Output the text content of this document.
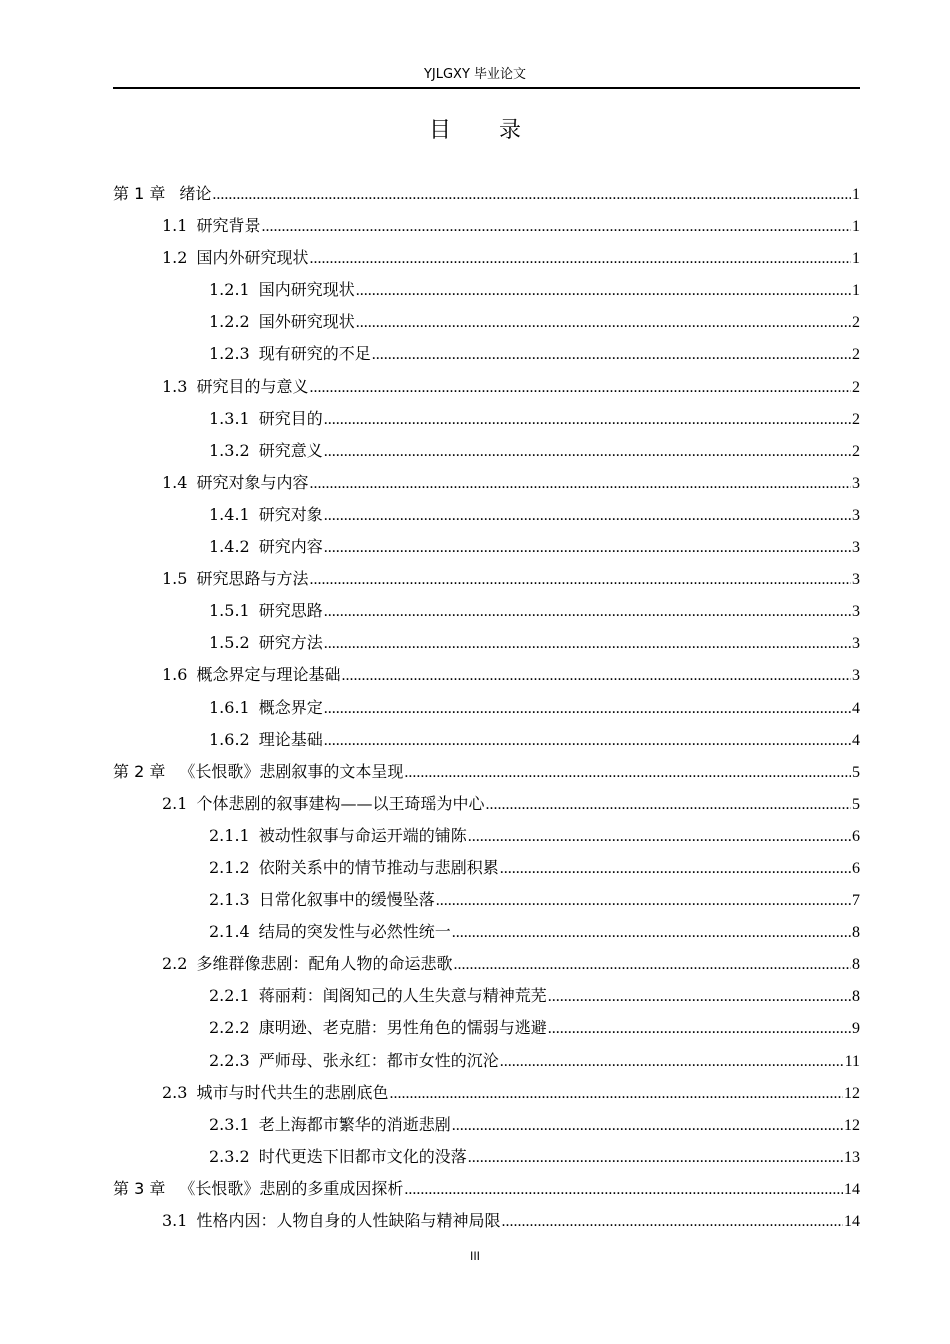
YJLGXY 毕业论文
目录
第 1 章 绪论 .....	1
1.1 研究背景 .....	1
1.2 国内外研究现状 .....	1
1.2.1 国内研究现状 .....	1
1.2.2 国外研究现状 .....	2
1.2.3 现有研究的不足 .....	2
1.3 研究目的与意义 .....	2
1.3.1 研究目的 .....	2
1.3.2 研究意义 .....	2
1.4 研究对象与内容 .....	3
1.4.1 研究对象 .....	3
1.4.2 研究内容 .....	3
1.5 研究思路与方法 .....	3
1.5.1 研究思路 .....	3
1.5.2 研究方法 .....	3
1.6 概念界定与理论基础 .....	3
1.6.1 概念界定 .....	4
1.6.2 理论基础 .....	4
第 2 章 《长恨歌》悲剧叙事的文本呈现 .....	5
2.1 个体悲剧的叙事建构——以王琦瑶为中心 .....	5
2.1.1 被动性叙事与命运开端的铺陈 .....	6
2.1.2 依附关系中的情节推动与悲剧积累 .....	6
2.1.3 日常化叙事中的缓慢坠落 .....	7
2.1.4 结局的突发性与必然性统一 .....	8
2.2 多维群像悲剧：配角人物的命运悲歌 .....	8
2.2.1 蒋丽莉：闺阁知己的人生失意与精神荒芜 .....	8
2.2.2 康明逊、老克腊：男性角色的懦弱与逃避 .....	9
2.2.3 严师母、张永红：都市女性的沉沦 .....	11
2.3 城市与时代共生的悲剧底色 .....	12
2.3.1 老上海都市繁华的消逝悲剧 .....	12
2.3.2 时代更迭下旧都市文化的没落 .....	13
第 3 章 《长恨歌》悲剧的多重成因探析 .....	14
3.1 性格内因：人物自身的人性缺陷与精神局限 .....	14
III
